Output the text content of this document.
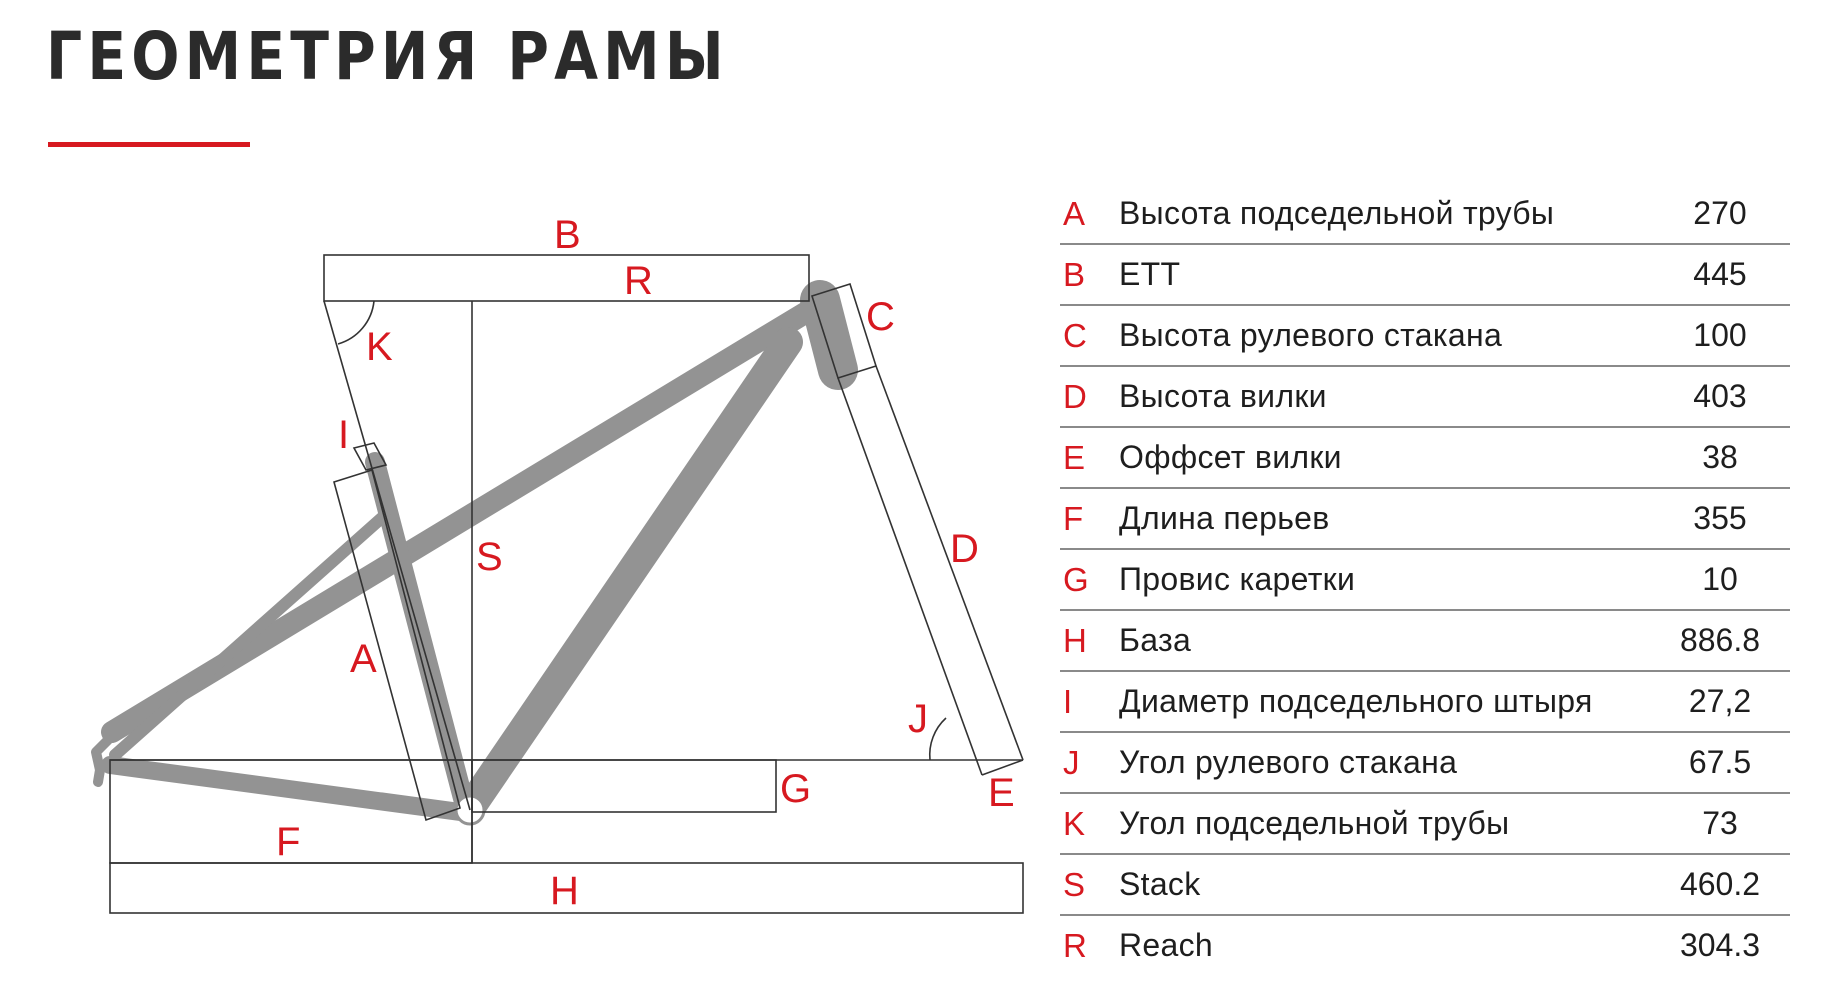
ГЕОМЕТРИЯ РАМЫ
B
R
C
K
I
S	D
A
J
G	E
F
H
A	Высота подседельной трубы	270
B	ETT	445
C	Высота рулевого стакана	100
D	Высота вилки	403
E	Оффсет вилки	38
F	Длина перьев	355
G Провис каретки	10
H	База	886.8
I	Диаметр подседельного штыря	27,2
J	Угол рулевого стакана	67.5
K	Угол подседельной трубы	73
S	Stack	460.2
R	Reach	304.3
